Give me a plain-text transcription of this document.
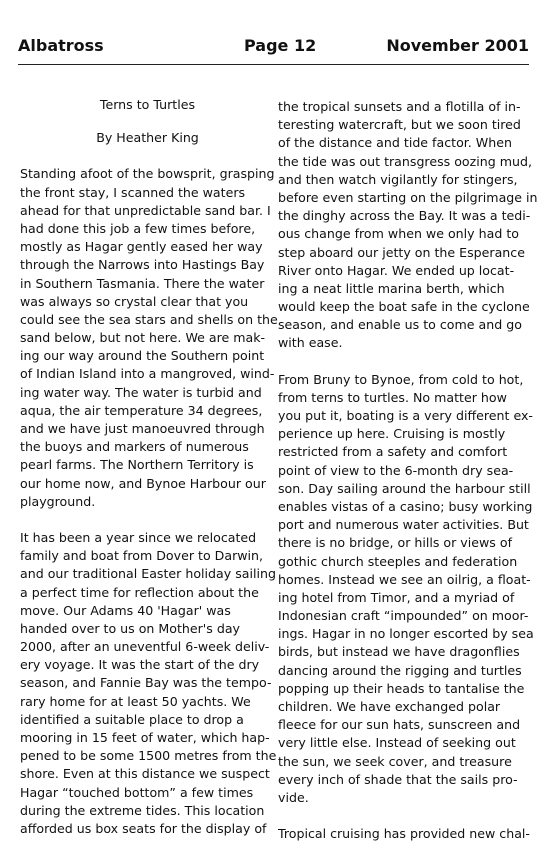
Albatross	Page 12	November 2001
Terns to Turtles
By Heather King
Standing afoot of the bowsprit, grasping
the front stay, I scanned the waters
ahead for that unpredictable sand bar. I
had done this job a few times before,
mostly as Hagar gently eased her way
through the Narrows into Hastings Bay
in Southern Tasmania. There the water
was always so crystal clear that you
could see the sea stars and shells on the
sand below, but not here. We are mak-
ing our way around the Southern point
of Indian Island into a mangroved, wind-
ing water way. The water is turbid and
aqua, the air temperature 34 degrees,
and we have just manoeuvred through
the buoys and markers of numerous
pearl farms. The Northern Territory is
our home now, and Bynoe Harbour our
playground.
It has been a year since we relocated
family and boat from Dover to Darwin,
and our traditional Easter holiday sailing
a perfect time for reflection about the
move. Our Adams 40 'Hagar' was
handed over to us on Mother's day
2000, after an uneventful 6-week deliv-
ery voyage. It was the start of the dry
season, and Fannie Bay was the tempo-
rary home for at least 50 yachts. We
identified a suitable place to drop a
mooring in 15 feet of water, which hap-
pened to be some 1500 metres from the
shore. Even at this distance we suspect
Hagar “touched bottom” a few times
during the extreme tides. This location
afforded us box seats for the display of
the tropical sunsets and a flotilla of in-
teresting watercraft, but we soon tired
of the distance and tide factor. When
the tide was out transgress oozing mud,
and then watch vigilantly for stingers,
before even starting on the pilgrimage in
the dinghy across the Bay. It was a tedi-
ous change from when we only had to
step aboard our jetty on the Esperance
River onto Hagar. We ended up locat-
ing a neat little marina berth, which
would keep the boat safe in the cyclone
season, and enable us to come and go
with ease.
From Bruny to Bynoe, from cold to hot,
from terns to turtles. No matter how
you put it, boating is a very different ex-
perience up here. Cruising is mostly
restricted from a safety and comfort
point of view to the 6-month dry sea-
son. Day sailing around the harbour still
enables vistas of a casino; busy working
port and numerous water activities. But
there is no bridge, or hills or views of
gothic church steeples and federation
homes. Instead we see an oilrig, a float-
ing hotel from Timor, and a myriad of
Indonesian craft “impounded” on moor-
ings. Hagar in no longer escorted by sea
birds, but instead we have dragonflies
dancing around the rigging and turtles
popping up their heads to tantalise the
children. We have exchanged polar
fleece for our sun hats, sunscreen and
very little else. Instead of seeking out
the sun, we seek cover, and treasure
every inch of shade that the sails pro-
vide.
Tropical cruising has provided new chal-
